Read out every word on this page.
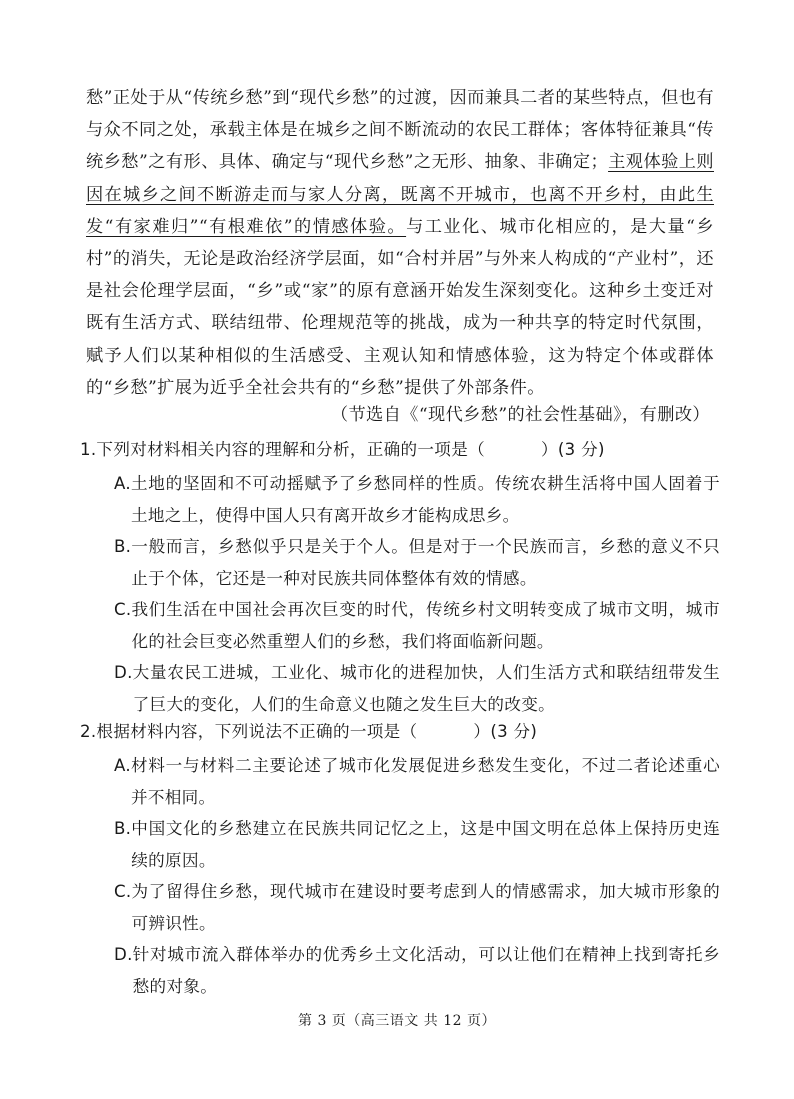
愁”正处于从“传统乡愁”到“现代乡愁”的过渡，因而兼具二者的某些特点，但也有与众不同之处，承载主体是在城乡之间不断流动的农民工群体；客体特征兼具“传统乡愁”之有形、具体、确定与“现代乡愁”之无形、抽象、非确定；主观体验上则因在城乡之间不断游走而与家人分离，既离不开城市，也离不开乡村，由此生发“有家难归”“有根难依”的情感体验。与工业化、城市化相应的，是大量“乡村”的消失，无论是政治经济学层面，如“合村并居”与外来人构成的“产业村”，还是社会伦理学层面，“乡”或“家”的原有意涵开始发生深刻变化。这种乡土变迁对既有生活方式、联结纽带、伦理规范等的挑战，成为一种共享的特定时代氛围，赋予人们以某种相似的生活感受、主观认知和情感体验，这为特定个体或群体的“乡愁”扩展为近乎全社会共有的“乡愁”提供了外部条件。

（节选自《“现代乡愁”的社会性基础》，有删改）

1.下列对材料相关内容的理解和分析，正确的一项是（	）(3 分)

A. 土地的坚固和不可动摇赋予了乡愁同样的性质。传统农耕生活将中国人固着于土地之上，使得中国人只有离开故乡才能构成思乡。

B. 一般而言，乡愁似乎只是关于个人。但是对于一个民族而言，乡愁的意义不只止于个体，它还是一种对民族共同体整体有效的情感。

C. 我们生活在中国社会再次巨变的时代，传统乡村文明转变成了城市文明，城市化的社会巨变必然重塑人们的乡愁，我们将面临新问题。

D. 大量农民工进城，工业化、城市化的进程加快，人们生活方式和联结纽带发生了巨大的变化，人们的生命意义也随之发生巨大的改变。

2.根据材料内容，下列说法不正确的一项是（	）(3 分)

A. 材料一与材料二主要论述了城市化发展促进乡愁发生变化，不过二者论述重心并不相同。

B. 中国文化的乡愁建立在民族共同记忆之上，这是中国文明在总体上保持历史连续的原因。

C. 为了留得住乡愁，现代城市在建设时要考虑到人的情感需求，加大城市形象的可辨识性。

D. 针对城市流入群体举办的优秀乡土文化活动，可以让他们在精神上找到寄托乡愁的对象。

第 3 页（高三语文 共 12 页）
